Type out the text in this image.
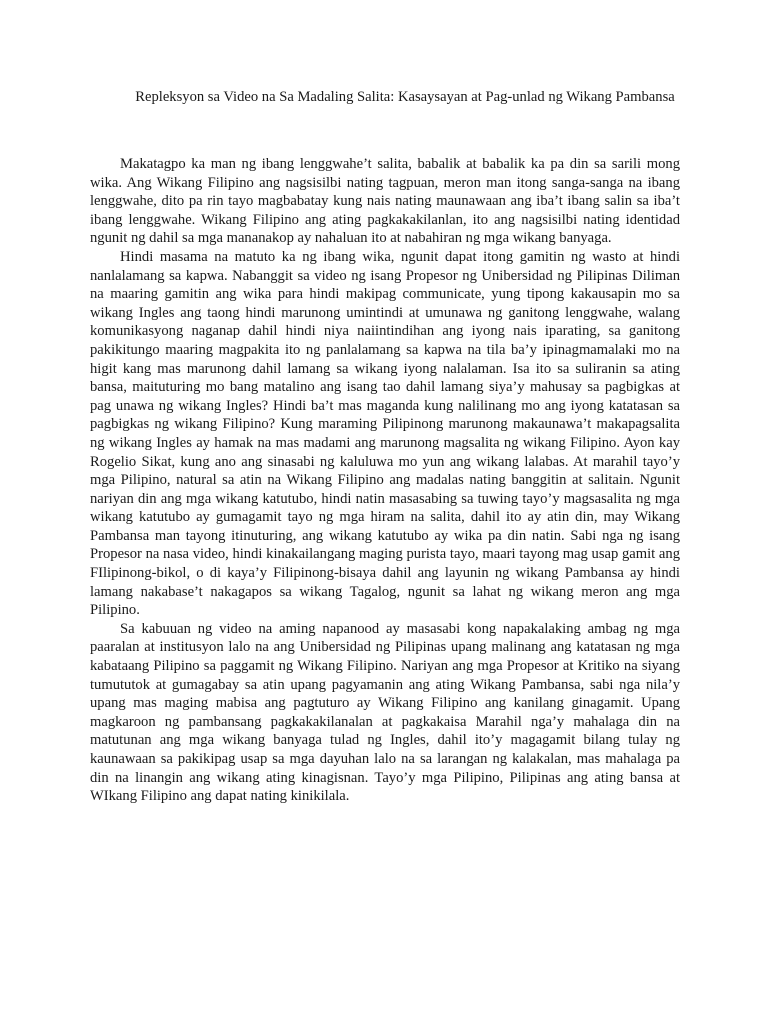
Repleksyon sa Video na Sa Madaling Salita: Kasaysayan at Pag-unlad ng Wikang Pambansa

Makatagpo ka man ng ibang lenggwahe’t salita, babalik at babalik ka pa din sa sarili mong wika. Ang Wikang Filipino ang nagsisilbi nating tagpuan, meron man itong sanga-sanga na ibang lenggwahe, dito pa rin tayo magbabatay kung nais nating maunawaan ang iba’t ibang salin sa iba’t ibang lenggwahe. Wikang Filipino ang ating pagkakakilanlan, ito ang nagsisilbi nating identidad ngunit ng dahil sa mga mananakop ay nahaluan ito at nabahiran ng mga wikang banyaga.

Hindi masama na matuto ka ng ibang wika, ngunit dapat itong gamitin ng wasto at hindi nanlalamang sa kapwa. Nabanggit sa video ng isang Propesor ng Unibersidad ng Pilipinas Diliman na maaring gamitin ang wika para hindi makipag communicate, yung tipong kakausapin mo sa wikang Ingles ang taong hindi marunong umintindi at umunawa ng ganitong lenggwahe, walang komunikasyong naganap dahil hindi niya naiintindihan ang iyong nais iparating, sa ganitong pakikitungo maaring magpakita ito ng panlalamang sa kapwa na tila ba’y ipinagmamalaki mo na higit kang mas marunong dahil lamang sa wikang iyong nalalaman. Isa ito sa suliranin sa ating bansa, maituturing mo bang matalino ang isang tao dahil lamang siya’y mahusay sa pagbigkas at pag unawa ng wikang Ingles? Hindi ba’t mas maganda kung nalilinang mo ang iyong katatasan sa pagbigkas ng wikang Filipino? Kung maraming Pilipinong marunong makaunawa’t makapagsalita ng wikang Ingles ay hamak na mas madami ang marunong magsalita ng wikang Filipino. Ayon kay Rogelio Sikat, kung ano ang sinasabi ng kaluluwa mo yun ang wikang lalabas. At marahil tayo’y mga Pilipino, natural sa atin na Wikang Filipino ang madalas nating banggitin at salitain. Ngunit nariyan din ang mga wikang katutubo, hindi natin masasabing sa tuwing tayo’y magsasalita ng mga wikang katutubo ay gumagamit tayo ng mga hiram na salita, dahil ito ay atin din, may Wikang Pambansa man tayong itinuturing, ang wikang katutubo ay wika pa din natin. Sabi nga ng isang Propesor na nasa video, hindi kinakailangang maging purista tayo, maari tayong mag usap gamit ang FIlipinong-bikol, o di kaya’y Filipinong-bisaya dahil ang layunin ng wikang Pambansa ay hindi lamang nakabase’t nakagapos sa wikang Tagalog, ngunit sa lahat ng wikang meron ang mga Pilipino.

Sa kabuuan ng video na aming napanood ay masasabi kong napakalaking ambag ng mga paaralan at institusyon lalo na ang Unibersidad ng Pilipinas upang malinang ang katatasan ng mga kabataang Pilipino sa paggamit ng Wikang Filipino. Nariyan ang mga Propesor at Kritiko na siyang tumututok at gumagabay sa atin upang pagyamanin ang ating Wikang Pambansa, sabi nga nila’y upang mas maging mabisa ang pagtuturo ay Wikang Filipino ang kanilang ginagamit. Upang magkaroon ng pambansang pagkakakilanalan at pagkakaisa Marahil nga’y mahalaga din na matutunan ang mga wikang banyaga tulad ng Ingles, dahil ito’y magagamit bilang tulay ng kaunawaan sa pakikipag usap sa mga dayuhan lalo na sa larangan ng kalakalan, mas mahalaga pa din na linangin ang wikang ating kinagisnan. Tayo’y mga Pilipino, Pilipinas ang ating bansa at WIkang Filipino ang dapat nating kinikilala.
